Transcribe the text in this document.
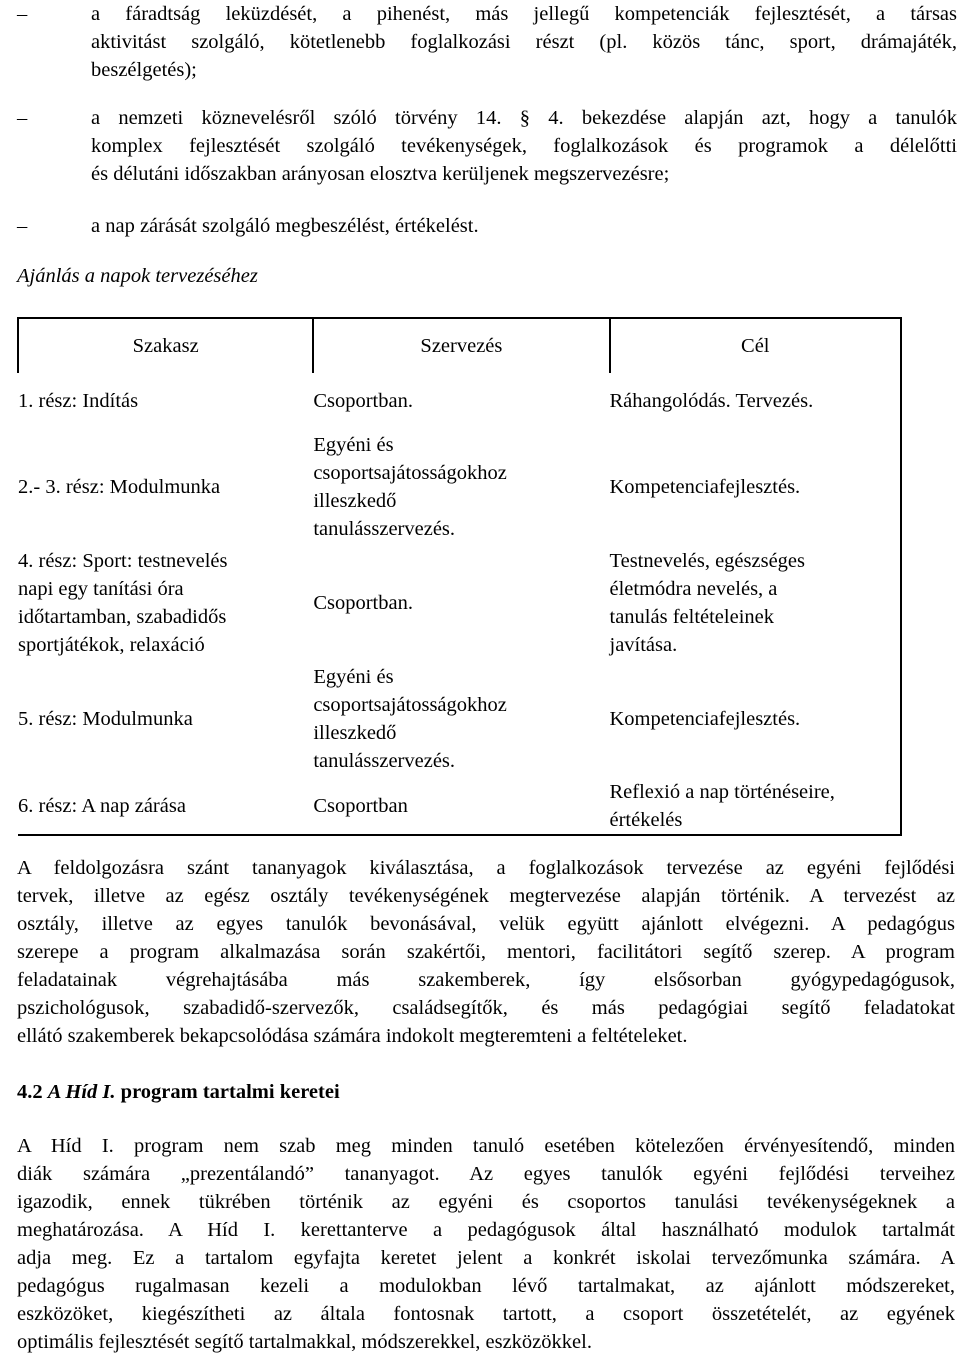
–	a fáradtság leküzdését, a pihenést, más jellegű kompetenciák fejlesztését, a társas
aktivitást szolgáló, kötetlenebb foglalkozási részt (pl. közös tánc, sport, drámajáték,
beszélgetés);
–	a nemzeti köznevelésről szóló törvény 14. § 4. bekezdése alapján azt, hogy a tanulók
komplex fejlesztését szolgáló tevékenységek, foglalkozások és programok a délelőtti
és délutáni időszakban arányosan elosztva kerüljenek megszervezésre;
–	a nap zárását szolgáló megbeszélést, értékelést.
Ajánlás a napok tervezéséhez
Szakasz	Szervezés	Cél

1. rész: Indítás	Csoportban.	Ráhangolódás. Tervezés.

2.- 3. rész: Modulmunka	Egyéni és
csoportsajátosságokhoz
illeszkedő
tanulásszervezés.	Kompetenciafejlesztés.

4. rész: Sport: testnevelés
napi egy tanítási óra
időtartamban, szabadidős
sportjátékok, relaxáció	Csoportban.	Testnevelés, egészséges
életmódra nevelés, a
tanulás feltételeinek
javítása.

5. rész: Modulmunka	Egyéni és
csoportsajátosságokhoz
illeszkedő
tanulásszervezés.	Kompetenciafejlesztés.

6. rész: A nap zárása	Csoportban	Reflexió a nap történéseire,
értékelés
A feldolgozásra szánt tananyagok kiválasztása, a foglalkozások tervezése az egyéni fejlődési
tervek, illetve az egész osztály tevékenységének megtervezése alapján történik. A tervezést az
osztály, illetve az egyes tanulók bevonásával, velük együtt ajánlott elvégezni. A pedagógus
szerepe a program alkalmazása során szakértői, mentori, facilitátori segítő szerep. A program
feladatainak végrehajtásába más szakemberek, így elsősorban gyógypedagógusok,
pszichológusok, szabadidő-szervezők, családsegítők, és más pedagógiai segítő feladatokat
ellátó szakemberek bekapcsolódása számára indokolt megteremteni a feltételeket.
4.2 A Híd I. program tartalmi keretei
A Híd I. program nem szab meg minden tanuló esetében kötelezően érvényesítendő, minden
diák számára „prezentálandó” tananyagot. Az egyes tanulók egyéni fejlődési terveihez
igazodik, ennek tükrében történik az egyéni és csoportos tanulási tevékenységeknek a
meghatározása. A Híd I. kerettanterve a pedagógusok által használható modulok tartalmát
adja meg. Ez a tartalom egyfajta keretet jelent a konkrét iskolai tervezőmunka számára. A
pedagógus rugalmasan kezeli a modulokban lévő tartalmakat, az ajánlott módszereket,
eszközöket, kiegészítheti az általa fontosnak tartott, a csoport összetételét, az egyének
optimális fejlesztését segítő tartalmakkal, módszerekkel, eszközökkel.
